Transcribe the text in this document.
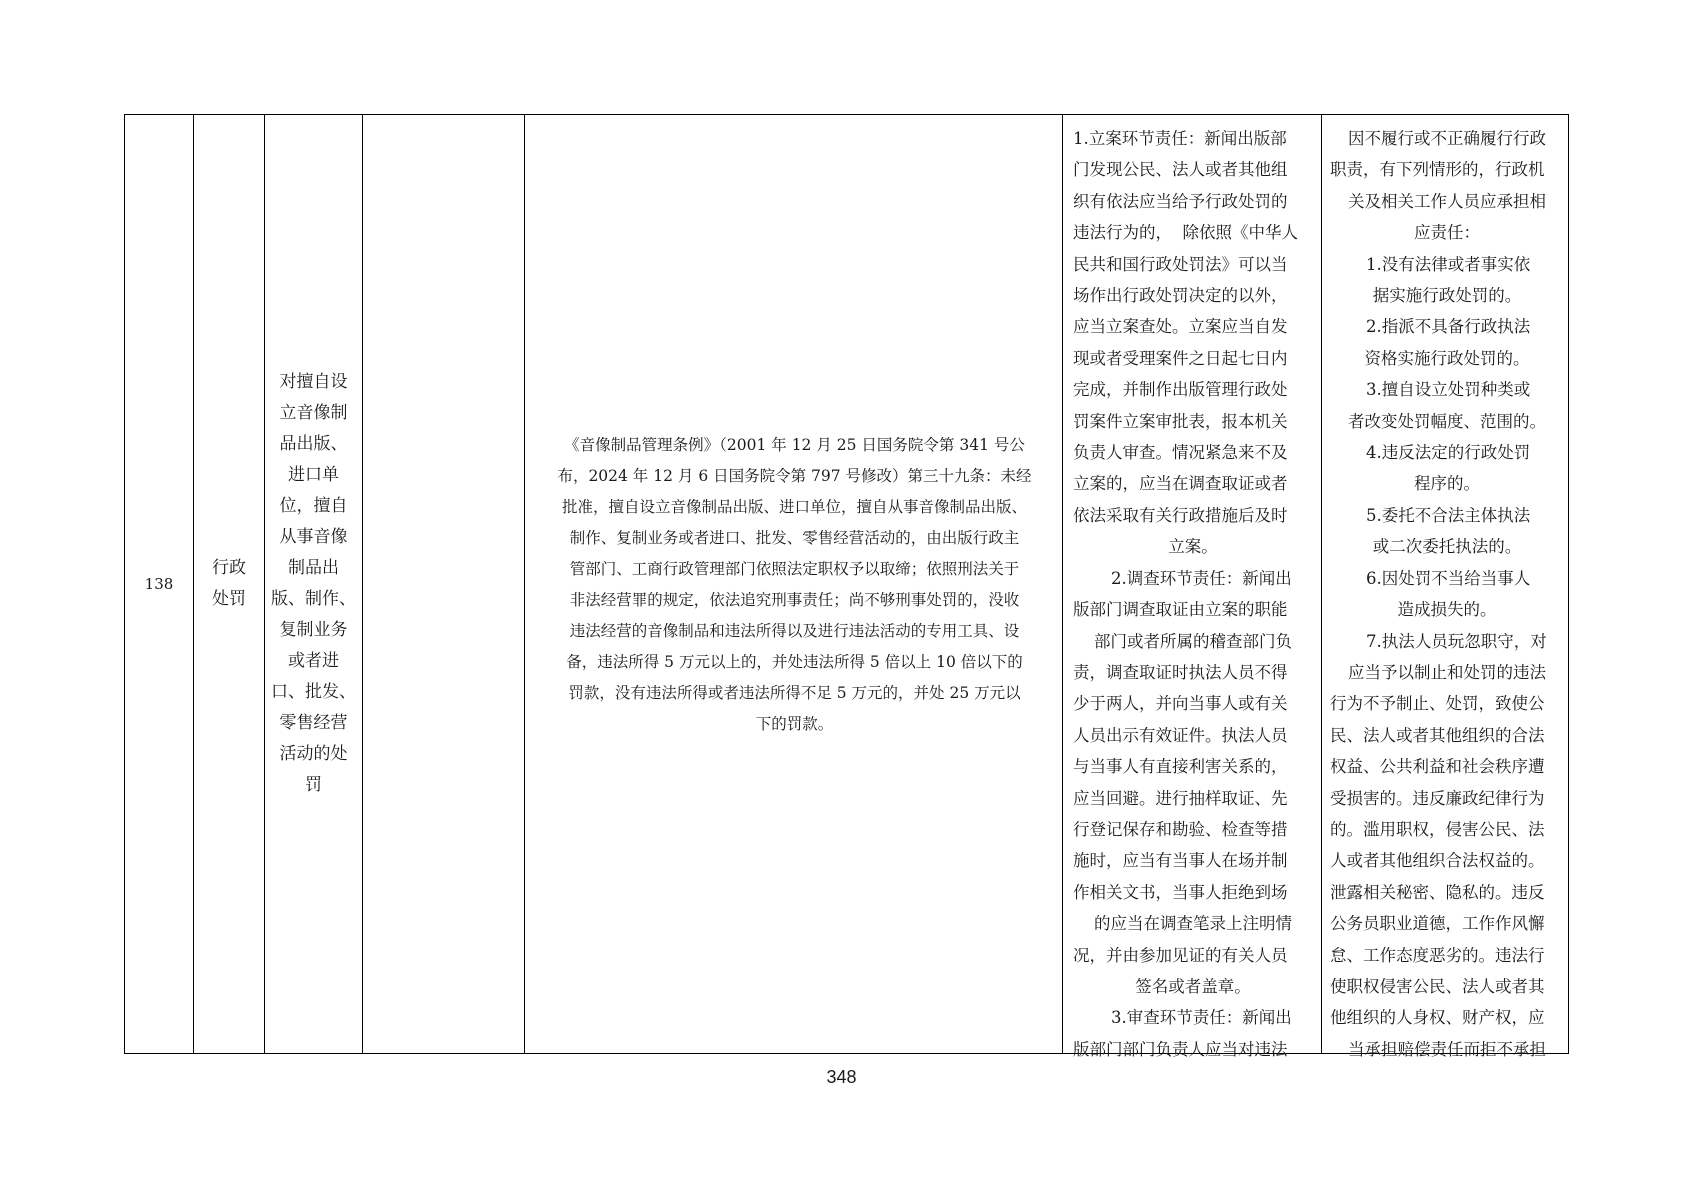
138
行政
处罚
对擅自设
立音像制
品出版、
进口单
位，擅自
从事音像
制品出
版、制作、
复制业务
或者进
口、批发、
零售经营
活动的处
罚
《音像制品管理条例》（2001 年 12 月 25 日国务院令第 341 号公
布，2024 年 12 月 6 日国务院令第 797 号修改）第三十九条：未经
批准，擅自设立音像制品出版、进口单位，擅自从事音像制品出版、
制作、复制业务或者进口、批发、零售经营活动的，由出版行政主
管部门、工商行政管理部门依照法定职权予以取缔；依照刑法关于
非法经营罪的规定，依法追究刑事责任；尚不够刑事处罚的，没收
违法经营的音像制品和违法所得以及进行违法活动的专用工具、设
备，违法所得 5 万元以上的，并处违法所得 5 倍以上 10 倍以下的
罚款，没有违法所得或者违法所得不足 5 万元的，并处 25 万元以
下的罚款。
1.立案环节责任：新闻出版部
门发现公民、法人或者其他组
织有依法应当给予行政处罚的
违法行为的，  除依照《中华人
民共和国行政处罚法》可以当
场作出行政处罚决定的以外，
应当立案查处。立案应当自发
现或者受理案件之日起七日内
完成，并制作出版管理行政处
罚案件立案审批表，报本机关
负责人审查。情况紧急来不及
立案的，应当在调查取证或者
依法采取有关行政措施后及时
立案。
2.调查环节责任：新闻出
版部门调查取证由立案的职能
部门或者所属的稽查部门负
责，调查取证时执法人员不得
少于两人，并向当事人或有关
人员出示有效证件。执法人员
与当事人有直接利害关系的，
应当回避。进行抽样取证、先
行登记保存和勘验、检查等措
施时，应当有当事人在场并制
作相关文书，当事人拒绝到场
的应当在调查笔录上注明情
况，并由参加见证的有关人员
签名或者盖章。
3.审查环节责任：新闻出
版部门部门负责人应当对违法
因不履行或不正确履行行政
职责，有下列情形的，行政机
关及相关工作人员应承担相
应责任：
1.没有法律或者事实依
据实施行政处罚的。
2.指派不具备行政执法
资格实施行政处罚的。
3.擅自设立处罚种类或
者改变处罚幅度、范围的。
4.违反法定的行政处罚
程序的。
5.委托不合法主体执法
或二次委托执法的。
6.因处罚不当给当事人
造成损失的。
7.执法人员玩忽职守，对
应当予以制止和处罚的违法
行为不予制止、处罚，致使公
民、法人或者其他组织的合法
权益、公共利益和社会秩序遭
受损害的。违反廉政纪律行为
的。滥用职权，侵害公民、法
人或者其他组织合法权益的。
泄露相关秘密、隐私的。违反
公务员职业道德，工作作风懈
怠、工作态度恶劣的。违法行
使职权侵害公民、法人或者其
他组织的人身权、财产权，应
当承担赔偿责任而拒不承担
348
